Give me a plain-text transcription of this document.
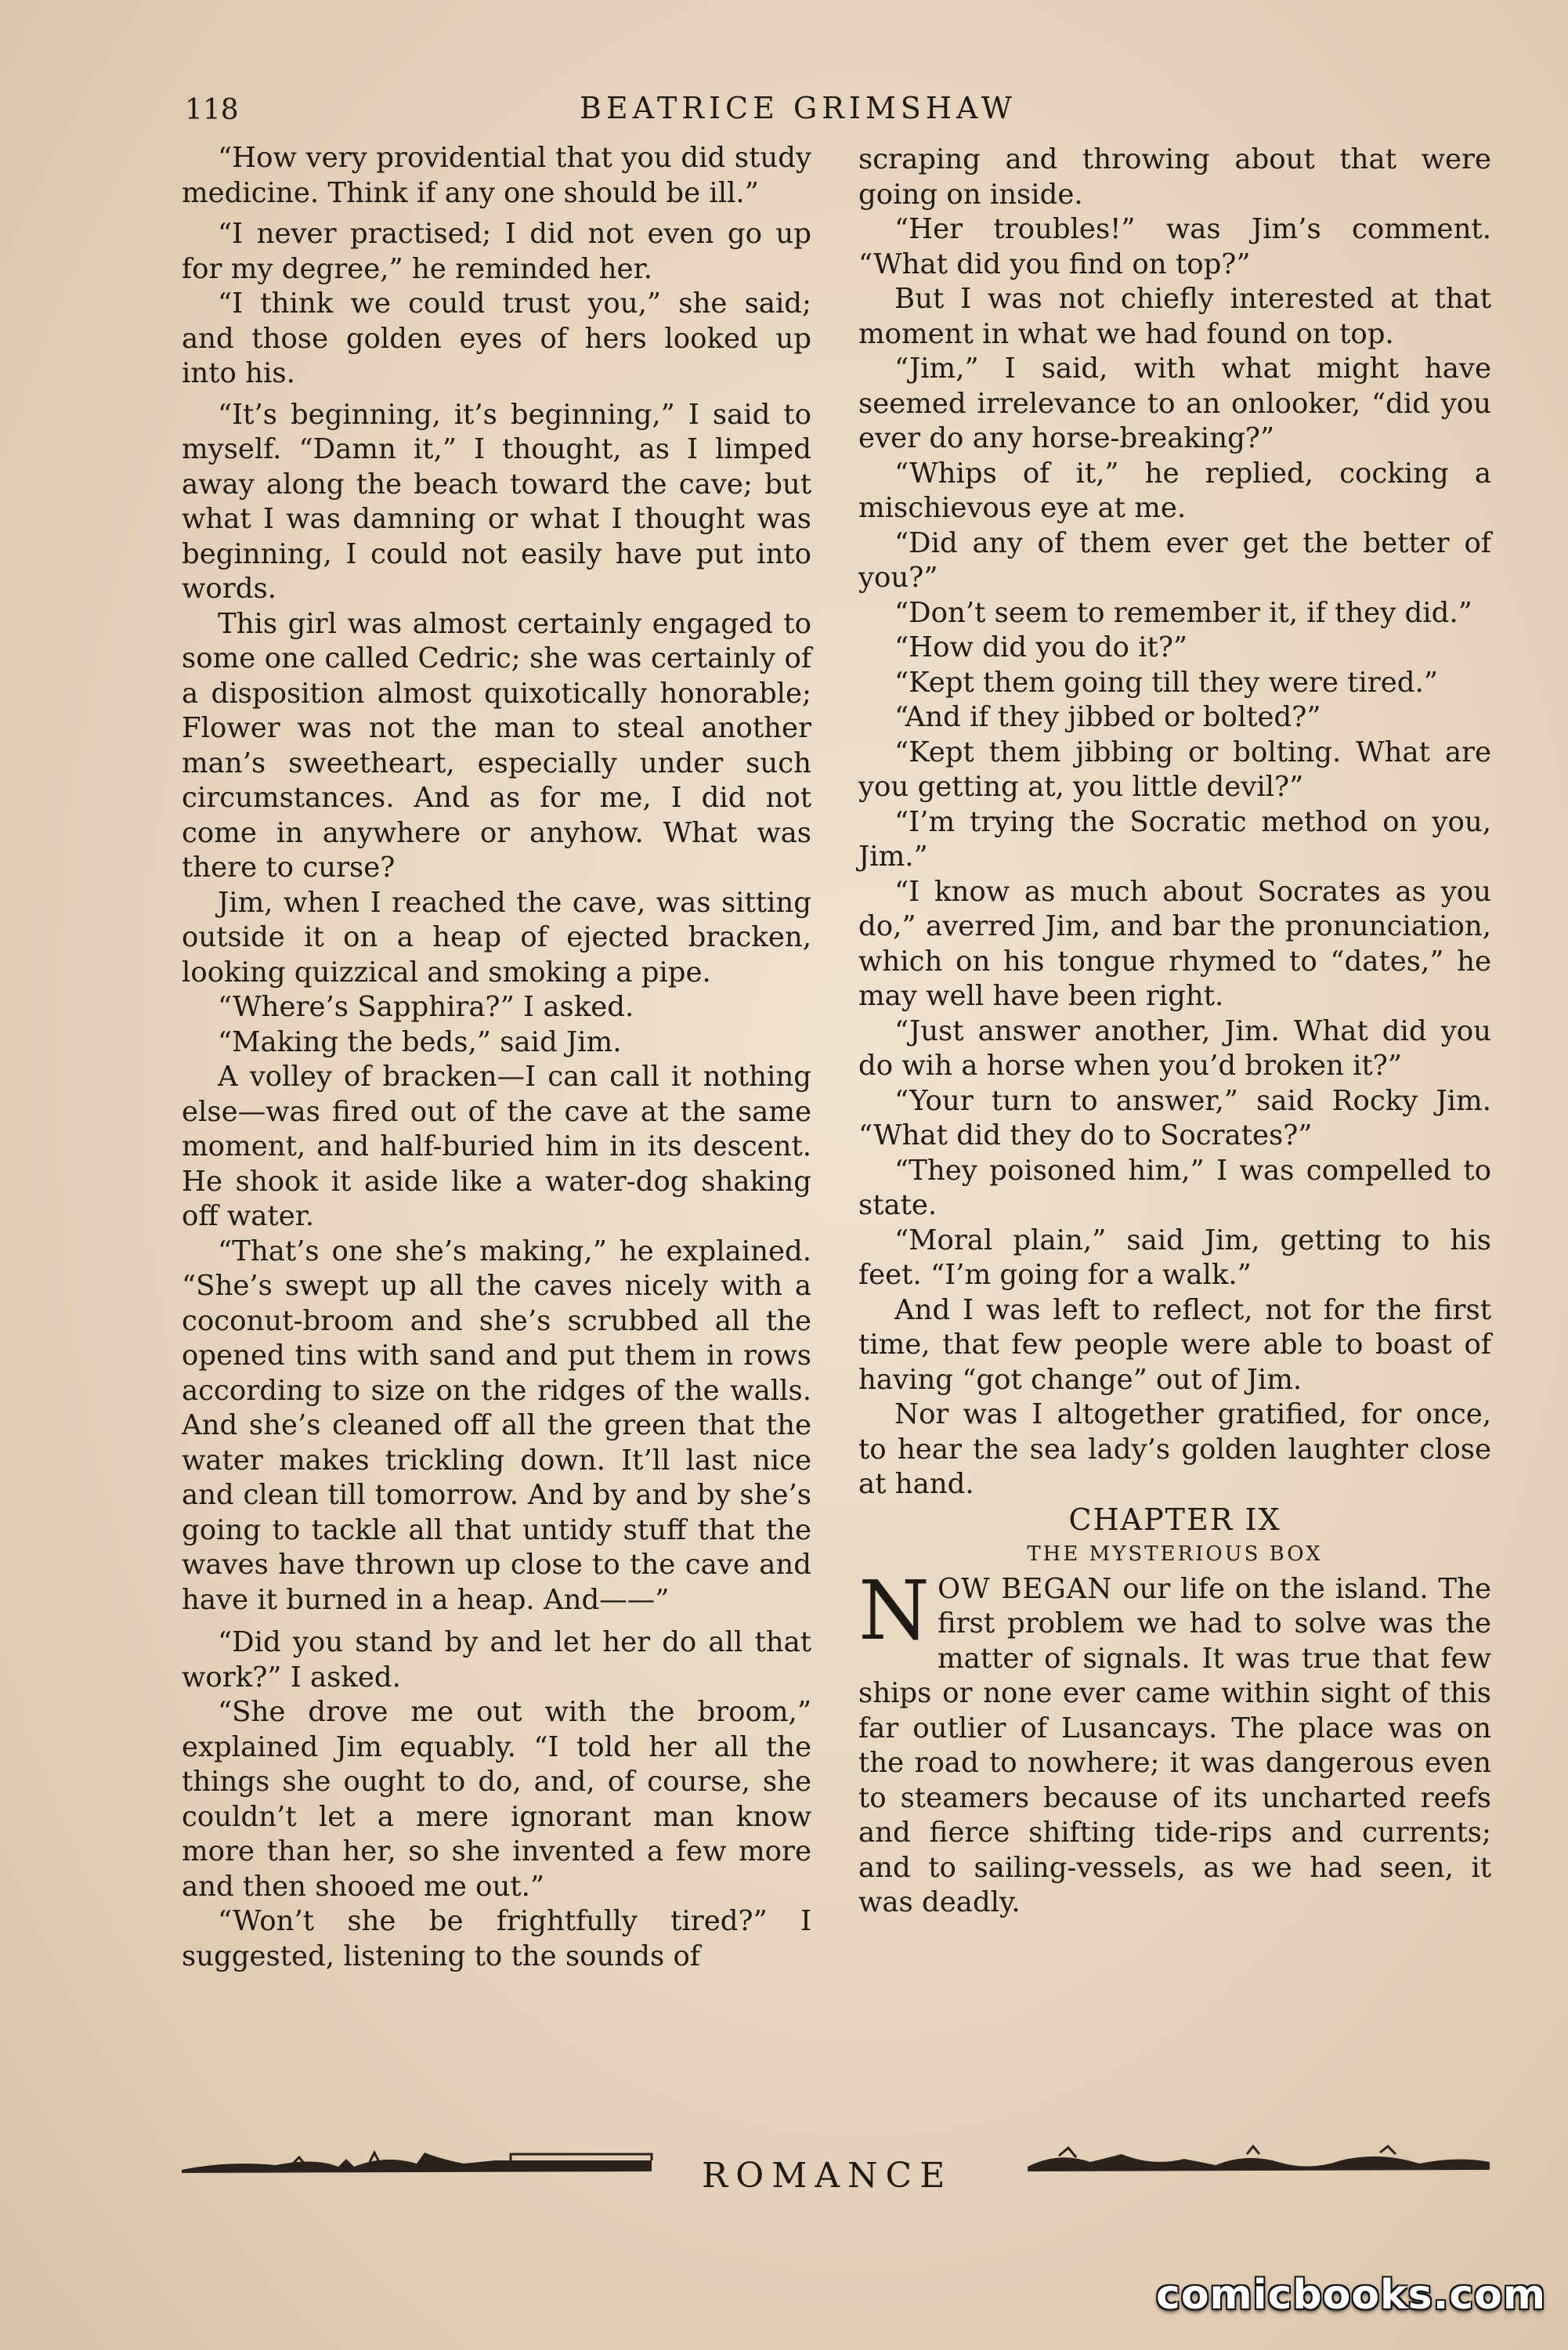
118	BEATRICE GRIMSHAW

“How very providential that you did study medicine. Think if any one should be ill.”

“I never practised; I did not even go up for my degree,” he reminded her.

“I think we could trust you,” she said; and those golden eyes of hers looked up into his.

“It’s beginning, it’s beginning,” I said to myself. “Damn it,” I thought, as I limped away along the beach toward the cave; but what I was damning or what I thought was beginning, I could not easily have put into words.

This girl was almost certainly engaged to some one called Cedric; she was certainly of a disposition almost quixotically honorable; Flower was not the man to steal another man’s sweetheart, especially under such circumstances. And as for me, I did not come in anywhere or anyhow. What was there to curse?

Jim, when I reached the cave, was sitting outside it on a heap of ejected bracken, looking quizzical and smoking a pipe.

“Where’s Sapphira?” I asked.

“Making the beds,” said Jim.

A volley of bracken—I can call it nothing else—was fired out of the cave at the same moment, and half-buried him in its descent. He shook it aside like a water-dog shaking off water.

“That’s one she’s making,” he explained. “She’s swept up all the caves nicely with a coconut-broom and she’s scrubbed all the opened tins with sand and put them in rows according to size on the ridges of the walls. And she’s cleaned off all the green that the water makes trickling down. It’ll last nice and clean till tomorrow. And by and by she’s going to tackle all that untidy stuff that the waves have thrown up close to the cave and have it burned in a heap. And——”

“Did you stand by and let her do all that work?” I asked.

“She drove me out with the broom,” explained Jim equably. “I told her all the things she ought to do, and, of course, she couldn’t let a mere ignorant man know more than her, so she invented a few more and then shooed me out.”

“Won’t she be frightfully tired?” I suggested, listening to the sounds of

scraping and throwing about that were going on inside.

“Her troubles!” was Jim’s comment. “What did you find on top?”

But I was not chiefly interested at that moment in what we had found on top.

“Jim,” I said, with what might have seemed irrelevance to an onlooker, “did you ever do any horse-breaking?”

“Whips of it,” he replied, cocking a mischievous eye at me.

“Did any of them ever get the better of you?”

“Don’t seem to remember it, if they did.”

“How did you do it?”

“Kept them going till they were tired.”

“And if they jibbed or bolted?”

“Kept them jibbing or bolting. What are you getting at, you little devil?”

“I’m trying the Socratic method on you, Jim.”

“I know as much about Socrates as you do,” averred Jim, and bar the pronunciation, which on his tongue rhymed to “dates,” he may well have been right.

“Just answer another, Jim. What did you do wih a horse when you’d broken it?”

“Your turn to answer,” said Rocky Jim. “What did they do to Socrates?”

“They poisoned him,” I was compelled to state.

“Moral plain,” said Jim, getting to his feet. “I’m going for a walk.”

And I was left to reflect, not for the first time, that few people were able to boast of having “got change” out of Jim.

Nor was I altogether gratified, for once, to hear the sea lady’s golden laughter close at hand.

CHAPTER IX

THE MYSTERIOUS BOX

NOW BEGAN our life on the island. The first problem we had to solve was the matter of signals. It was true that few ships or none ever came within sight of this far outlier of Lusancays. The place was on the road to nowhere; it was dangerous even to steamers because of its uncharted reefs and fierce shifting tide-rips and currents; and to sailing-vessels, as we had seen, it was deadly.

ROMANCE
comicbooks.com
